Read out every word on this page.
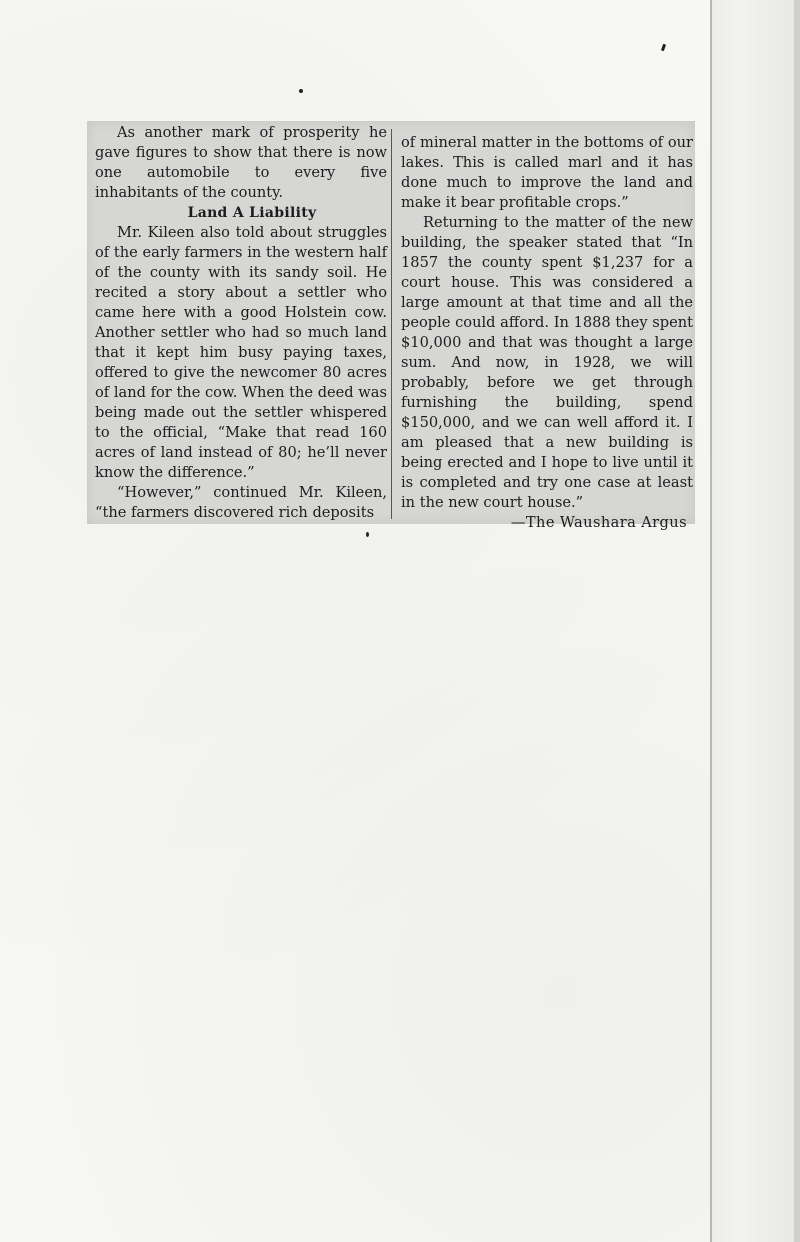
As another mark of prosperity he gave figures to show that there is now one automobile to every five inhabitants of the county.

Land A Liability

Mr. Kileen also told about struggles of the early farmers in the western half of the county with its sandy soil. He recited a story about a settler who came here with a good Holstein cow. Another settler who had so much land that it kept him busy paying taxes, offered to give the newcomer 80 acres of land for the cow. When the deed was being made out the settler whispered to the official, “Make that read 160 acres of land instead of 80; he’ll never know the difference.”

“However,” continued Mr. Kileen, “the farmers discovered rich deposits

of mineral matter in the bottoms of our lakes. This is called marl and it has done much to improve the land and make it bear profitable crops.”

Returning to the matter of the new building, the speaker stated that “In 1857 the county spent $1,237 for a court house. This was considered a large amount at that time and all the people could afford. In 1888 they spent $10,000 and that was thought a large sum. And now, in 1928, we will probably, before we get through furnishing the building, spend $150,000, and we can well afford it. I am pleased that a new building is being erected and I hope to live until it is completed and try one case at least in the new court house.”

—The Waushara Argus
